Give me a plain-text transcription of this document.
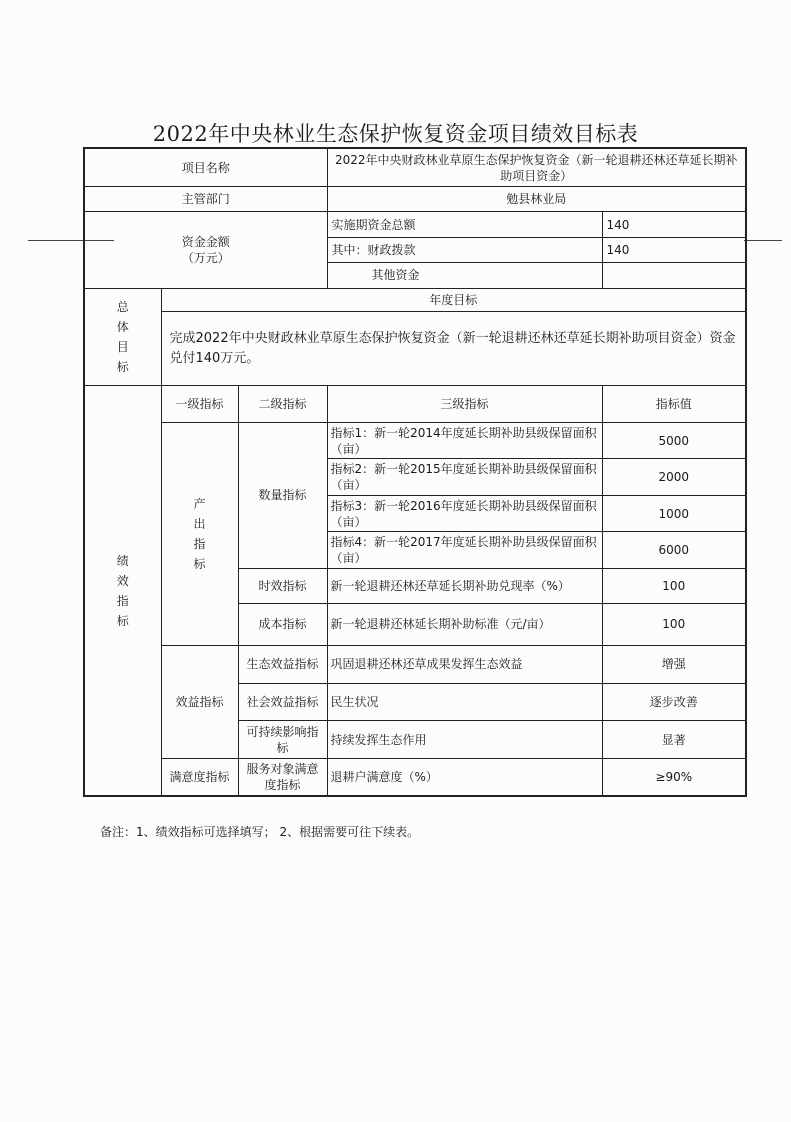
2022年中央林业生态保护恢复资金项目绩效目标表
项目名称			2022年中央财政林业草原生态保护恢复资金（新一轮退耕还林还草延长期补助项目资金）	
主管部门			勉县林业局	

资金金额
（万元）			实施期资金总额	140
			其中：财政拨款	140
			其他资金	

总
体
目
标	年度目标			
	完成2022年中央财政林业草原生态保护恢复资金（新一轮退耕还林还草延长期补助项目资金）资金兑付140万元。			

绩
效
指
标	一级指标	二级指标	三级指标	指标值

	产
出
指
标	数量指标	指标1：新一轮2014年度延长期补助县级保留面积（亩）	5000
			指标2：新一轮2015年度延长期补助县级保留面积（亩）	2000
			指标3：新一轮2016年度延长期补助县级保留面积（亩）	1000
			指标4：新一轮2017年度延长期补助县级保留面积（亩）	6000
		时效指标	新一轮退耕还林还草延长期补助兑现率（%）	100
		成本指标	新一轮退耕还林延长期补助标准（元/亩）	100
	效益指标	生态效益指标	巩固退耕还林还草成果发挥生态效益	增强
		社会效益指标	民生状况	逐步改善
		可持续影响指标	持续发挥生态作用	显著
	满意度指标	服务对象满意度指标	退耕户满意度（%）	≥90%
备注：1、绩效指标可选择填写； 2、根据需要可往下续表。
